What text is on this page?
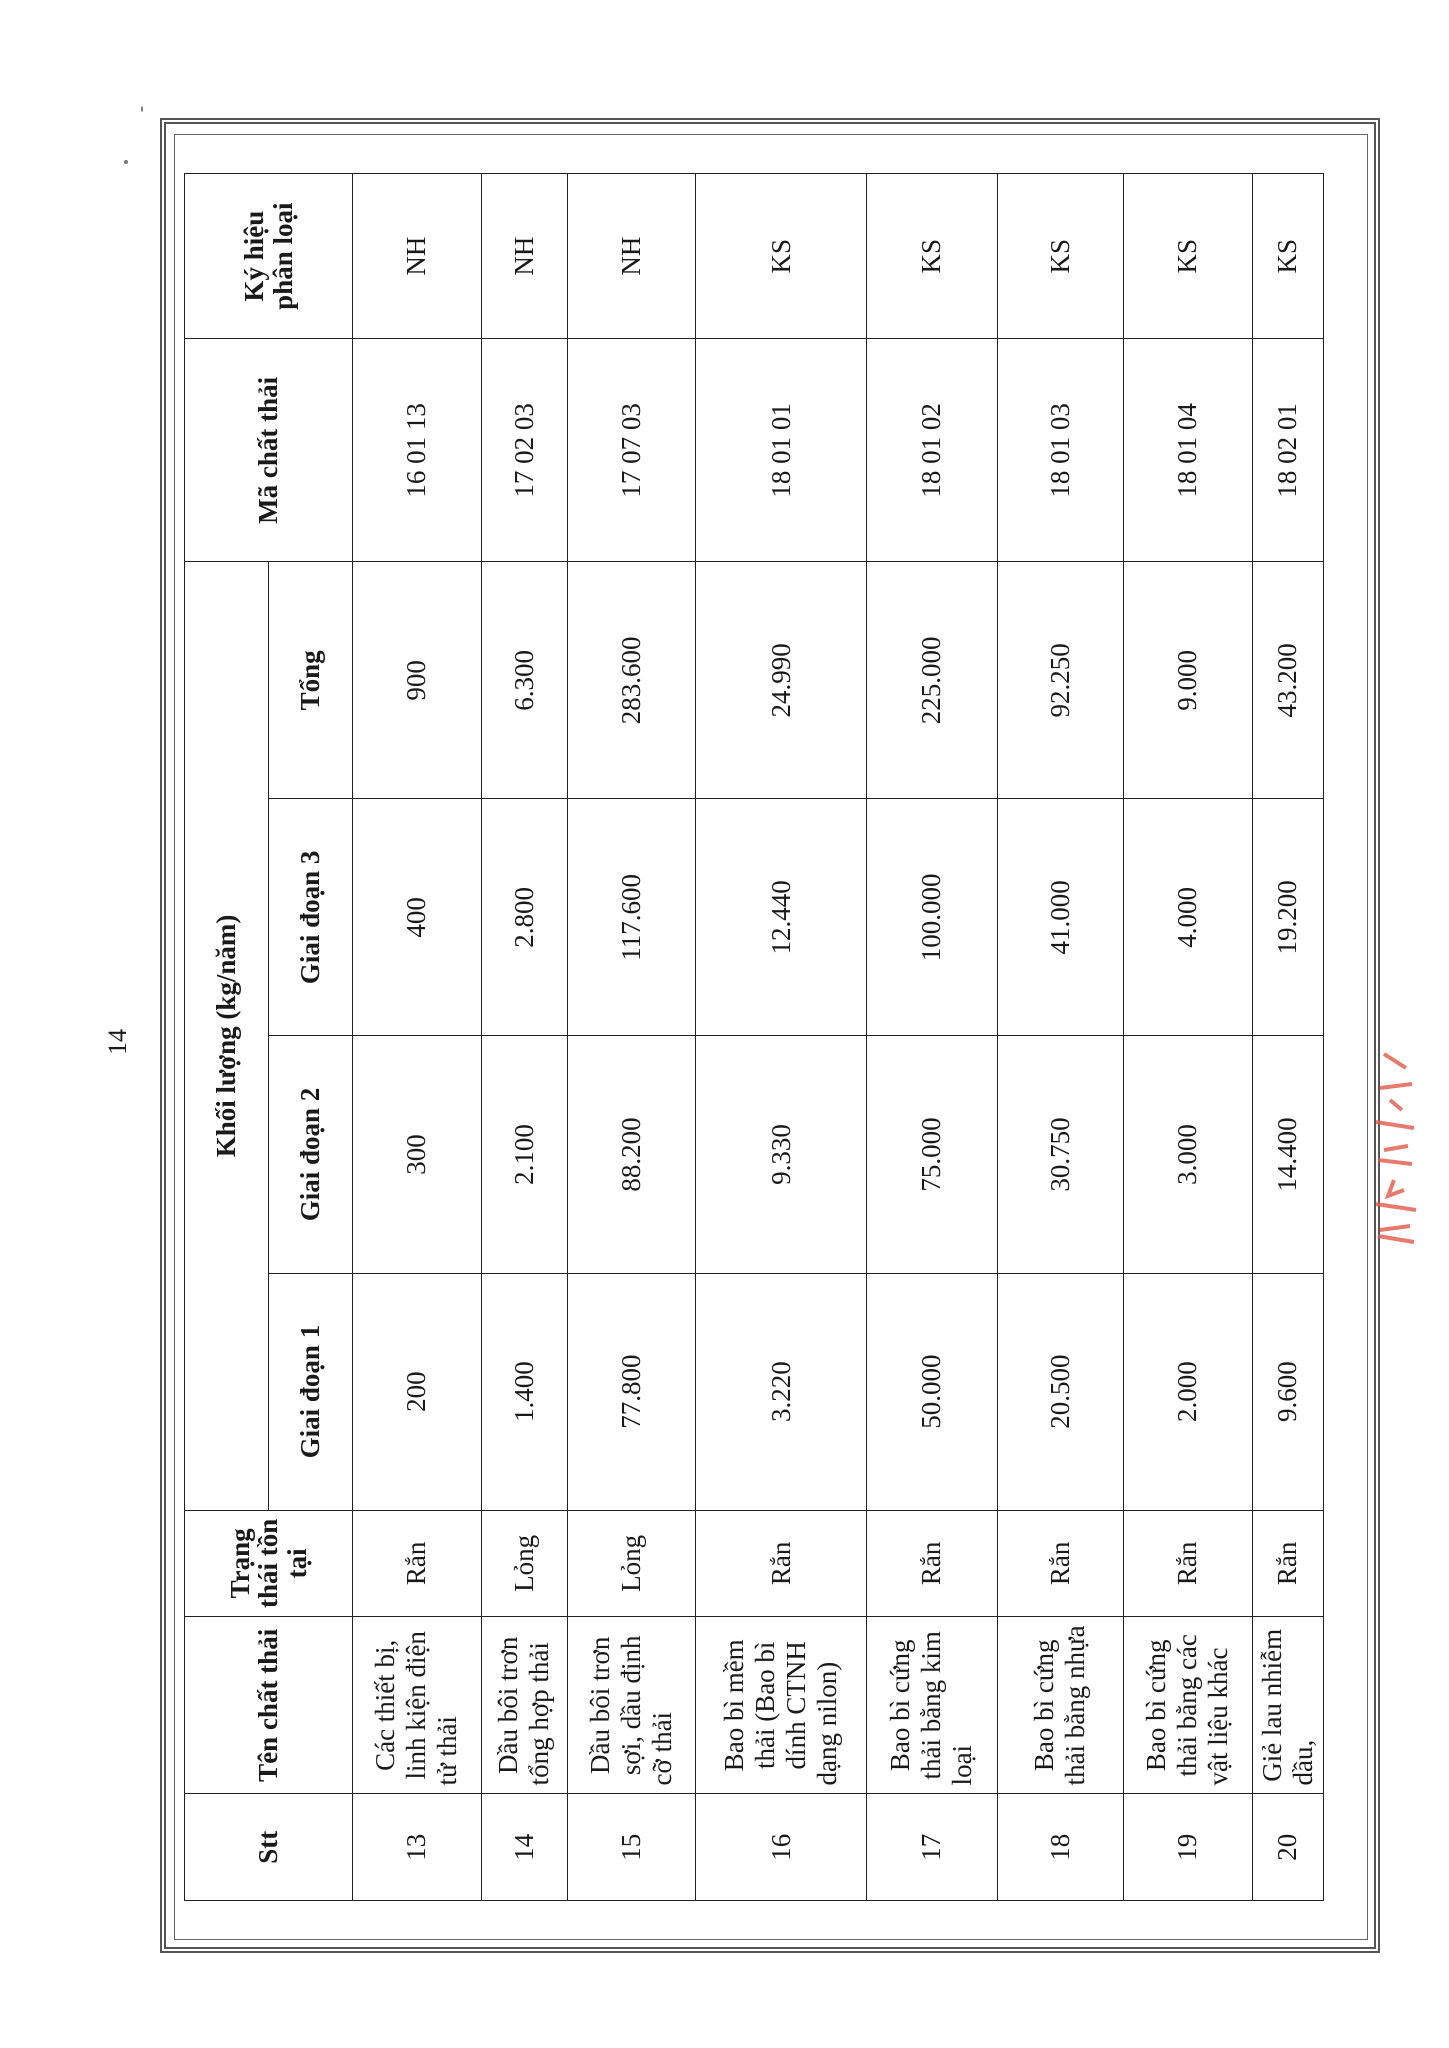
14
Stt	Tên chất thải	Trạng thái tồn tại	Khối lượng (kg/năm)				Mã chất thải	Ký hiệu phân loại
			Giai đoạn 1	Giai đoạn 2	Giai đoạn 3	Tổng		
13	Các thiết bị, linh kiện điện tử thải	Rắn	200	300	400	900	16 01 13	NH
14	Dầu bôi trơn tổng hợp thải	Lỏng	1.400	2.100	2.800	6.300	17 02 03	NH
15	Dầu bôi trơn sợi, dầu định cỡ thải	Lỏng	77.800	88.200	117.600	283.600	17 07 03	NH
16	Bao bì mềm thải (Bao bì dính CTNH dạng nilon)	Rắn	3.220	9.330	12.440	24.990	18 01 01	KS
17	Bao bì cứng thải bằng kim loại	Rắn	50.000	75.000	100.000	225.000	18 01 02	KS
18	Bao bì cứng thải bằng nhựa	Rắn	20.500	30.750	41.000	92.250	18 01 03	KS
19	Bao bì cứng thải bằng các vật liệu khác	Rắn	2.000	3.000	4.000	9.000	18 01 04	KS
20	Giẻ lau nhiễm dầu,	Rắn	9.600	14.400	19.200	43.200	18 02 01	KS
